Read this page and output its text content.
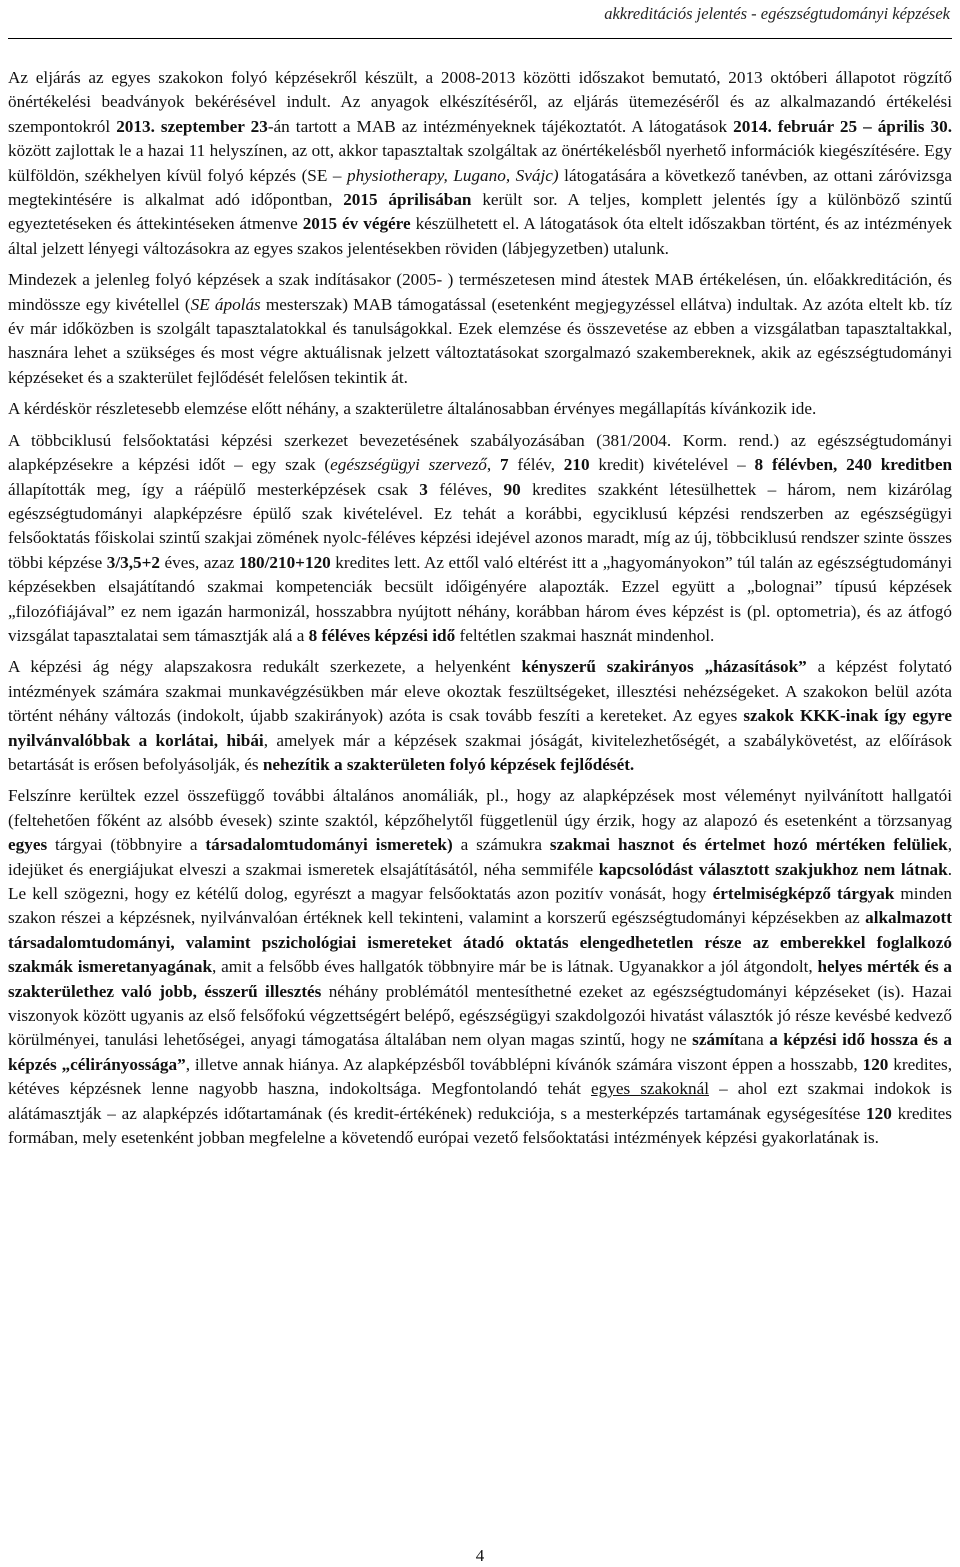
akkreditációs jelentés - egészségtudományi képzések

Az eljárás az egyes szakokon folyó képzésekről készült, a 2008-2013 közötti időszakot bemutató, 2013 októberi állapotot rögzítő önértékelési beadványok bekérésével indult. Az anyagok elkészítéséről, az eljárás ütemezéséről és az alkalmazandó értékelési szempontokról 2013. szeptember 23-án tartott a MAB az intézményeknek tájékoztatót. A látogatások 2014. február 25 – április 30. között zajlottak le a hazai 11 helyszínen, az ott, akkor tapasztaltak szolgáltak az önértékelésből nyerhető információk kiegészítésére. Egy külföldön, székhelyen kívül folyó képzés (SE – physiotherapy, Lugano, Svájc) látogatására a következő tanévben, az ottani záróvizsga megtekintésére is alkalmat adó időpontban, 2015 áprilisában került sor. A teljes, komplett jelentés így a különböző szintű egyeztetéseken és áttekintéseken átmenve 2015 év végére készülhetett el. A látogatások óta eltelt időszakban történt, és az intézmények által jelzett lényegi változásokra az egyes szakos jelentésekben röviden (lábjegyzetben) utalunk.

Mindezek a jelenleg folyó képzések a szak indításakor (2005- ) természetesen mind átestek MAB értékelésen, ún. előakkreditáción, és mindössze egy kivétellel (SE ápolás mesterszak) MAB támogatással (esetenként megjegyzéssel ellátva) indultak. Az azóta eltelt kb. tíz év már időközben is szolgált tapasztalatokkal és tanulságokkal. Ezek elemzése és összevetése az ebben a vizsgálatban tapasztaltakkal, hasznára lehet a szükséges és most végre aktuálisnak jelzett változtatásokat szorgalmazó szakembereknek, akik az egészségtudományi képzéseket és a szakterület fejlődését felelősen tekintik át.

A kérdéskör részletesebb elemzése előtt néhány, a szakterületre általánosabban érvényes megállapítás kívánkozik ide.

A többciklusú felsőoktatási képzési szerkezet bevezetésének szabályozásában (381/2004. Korm. rend.) az egészségtudományi alapképzésekre a képzési időt – egy szak (egészségügyi szervező, 7 félév, 210 kredit) kivételével – 8 félévben, 240 kreditben állapították meg, így a ráépülő mesterképzések csak 3 féléves, 90 kredites szakként létesülhettek – három, nem kizárólag egészségtudományi alapképzésre épülő szak kivételével. Ez tehát a korábbi, egyciklusú képzési rendszerben az egészségügyi felsőoktatás főiskolai szintű szakjai zömének nyolc-féléves képzési idejével azonos maradt, míg az új, többciklusú rendszer szinte összes többi képzése 3/3,5+2 éves, azaz 180/210+120 kredites lett. Az ettől való eltérést itt a „hagyományokon” túl talán az egészségtudományi képzésekben elsajátítandó szakmai kompetenciák becsült időigényére alapozták. Ezzel együtt a „bolognai” típusú képzések „filozófiájával” ez nem igazán harmonizál, hosszabbra nyújtott néhány, korábban három éves képzést is (pl. optometria), és az átfogó vizsgálat tapasztalatai sem támasztják alá a 8 féléves képzési idő feltétlen szakmai hasznát mindenhol.

A képzési ág négy alapszakosra redukált szerkezete, a helyenként kényszerű szakirányos „házasítások” a képzést folytató intézmények számára szakmai munkavégzésükben már eleve okoztak feszültségeket, illesztési nehézségeket. A szakokon belül azóta történt néhány változás (indokolt, újabb szakirányok) azóta is csak tovább feszíti a kereteket. Az egyes szakok KKK-inak így egyre nyilvánvalóbbak a korlátai, hibái, amelyek már a képzések szakmai jóságát, kivitelezhetőségét, a szabálykövetést, az előírások betartását is erősen befolyásolják, és nehezítik a szakterületen folyó képzések fejlődését.

Felszínre kerültek ezzel összefüggő további általános anomáliák, pl., hogy az alapképzések most véleményt nyilvánított hallgatói (feltehetően főként az alsóbb évesek) szinte szaktól, képzőhelytől függetlenül úgy érzik, hogy az alapozó és esetenként a törzsanyag egyes tárgyai (többnyire a társadalomtudományi ismeretek) a számukra szakmai hasznot és értelmet hozó mértéken felüliek, idejüket és energiájukat elveszi a szakmai ismeretek elsajátításától, néha semmiféle kapcsolódást választott szakjukhoz nem látnak. Le kell szögezni, hogy ez kétélű dolog, egyrészt a magyar felsőoktatás azon pozitív vonását, hogy értelmiségképző tárgyak minden szakon részei a képzésnek, nyilvánvalóan értéknek kell tekinteni, valamint a korszerű egészségtudományi képzésekben az alkalmazott társadalomtudományi, valamint pszichológiai ismereteket átadó oktatás elengedhetetlen része az emberekkel foglalkozó szakmák ismeretanyagának, amit a felsőbb éves hallgatók többnyire már be is látnak. Ugyanakkor a jól átgondolt, helyes mérték és a szakterülethez való jobb, ésszerű illesztés néhány problémától mentesíthetné ezeket az egészségtudományi képzéseket (is). Hazai viszonyok között ugyanis az első felsőfokú végzettségért belépő, egészségügyi szakdolgozói hivatást választók jó része kevésbé kedvező körülményei, tanulási lehetőségei, anyagi támogatása általában nem olyan magas szintű, hogy ne számítana a képzési idő hossza és a képzés „célirányossága”, illetve annak hiánya. Az alapképzésből továbblépni kívánók számára viszont éppen a hosszabb, 120 kredites, kétéves képzésnek lenne nagyobb haszna, indokoltsága. Megfontolandó tehát egyes szakoknál – ahol ezt szakmai indokok is alátámasztják – az alapképzés időtartamának (és kredit-értékének) redukciója, s a mesterképzés tartamának egységesítése 120 kredites formában, mely esetenként jobban megfelelne a követendő európai vezető felsőoktatási intézmények képzési gyakorlatának is.

4
